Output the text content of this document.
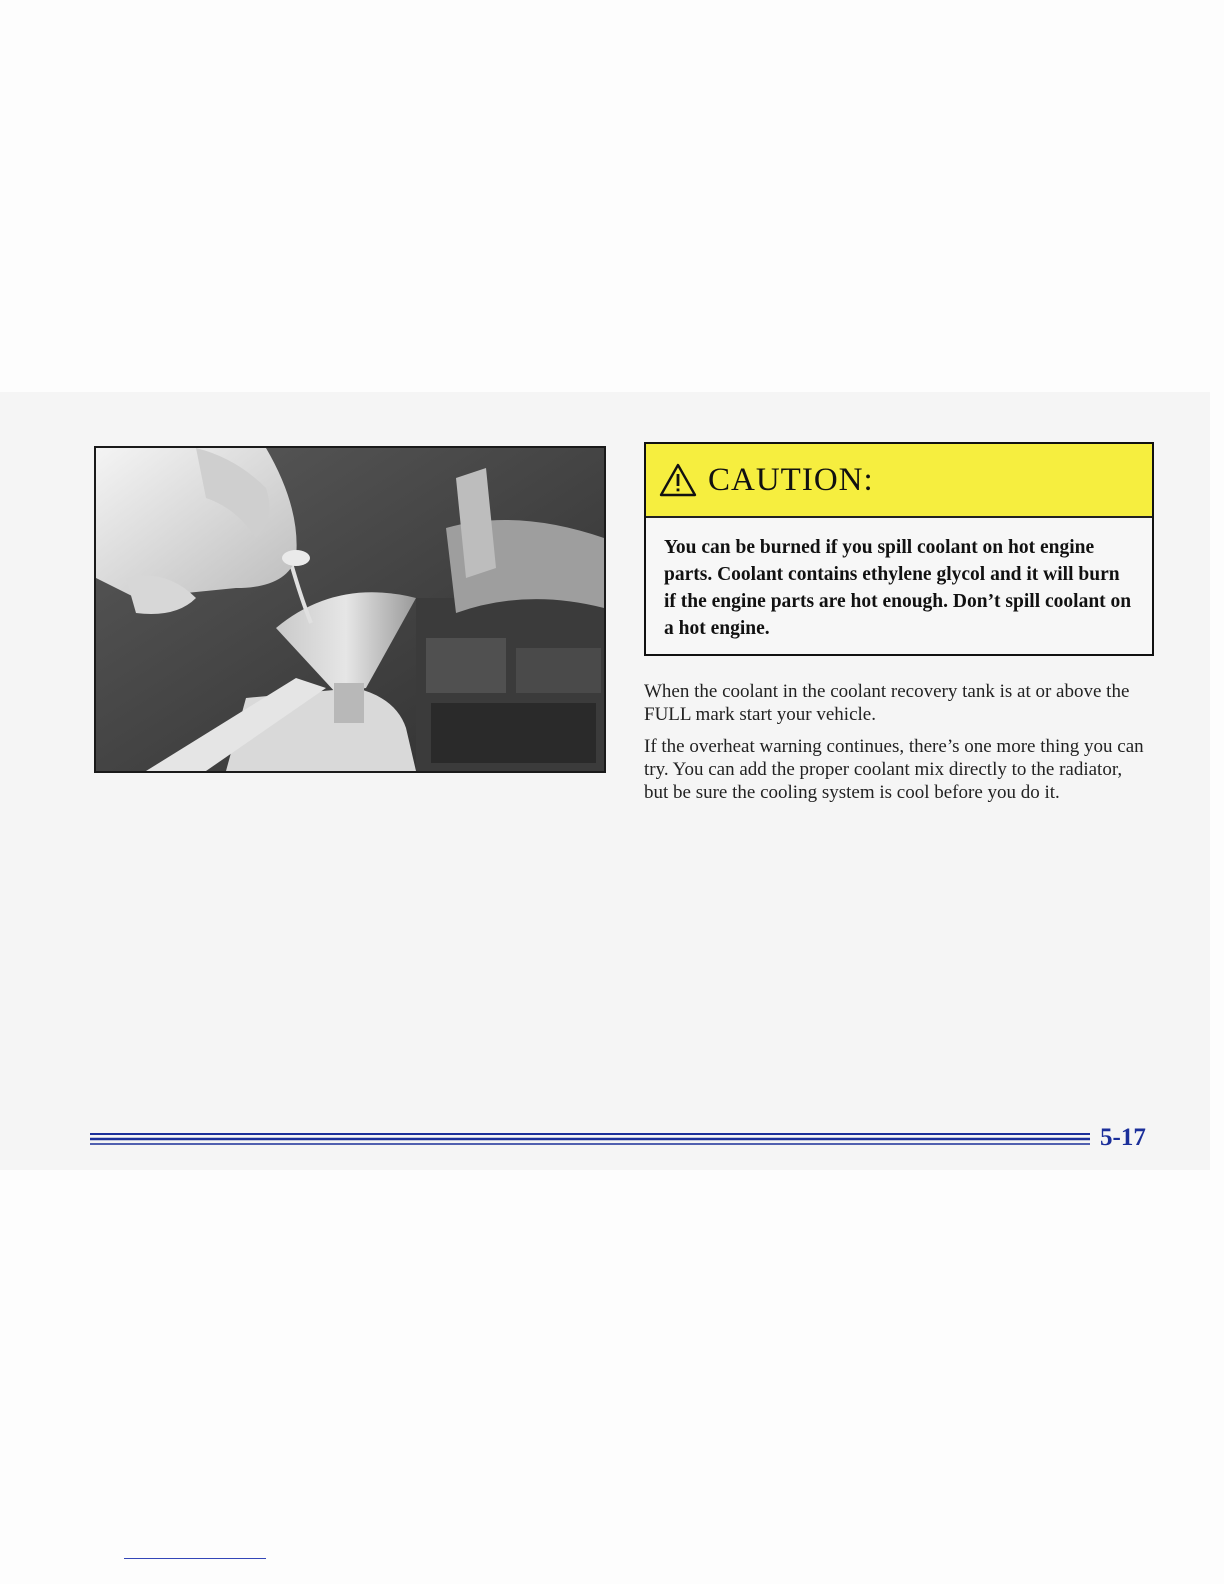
CAUTION:
You can be burned if you spill coolant on hot engine parts. Coolant contains ethylene glycol and it will burn if the engine parts are hot enough. Don’t spill coolant on a hot engine.

When the coolant in the coolant recovery tank is at or above the FULL mark start your vehicle.

If the overheat warning continues, there’s one more thing you can try. You can add the proper coolant mix directly to the radiator, but be sure the cooling system is cool before you do it.

5-17
